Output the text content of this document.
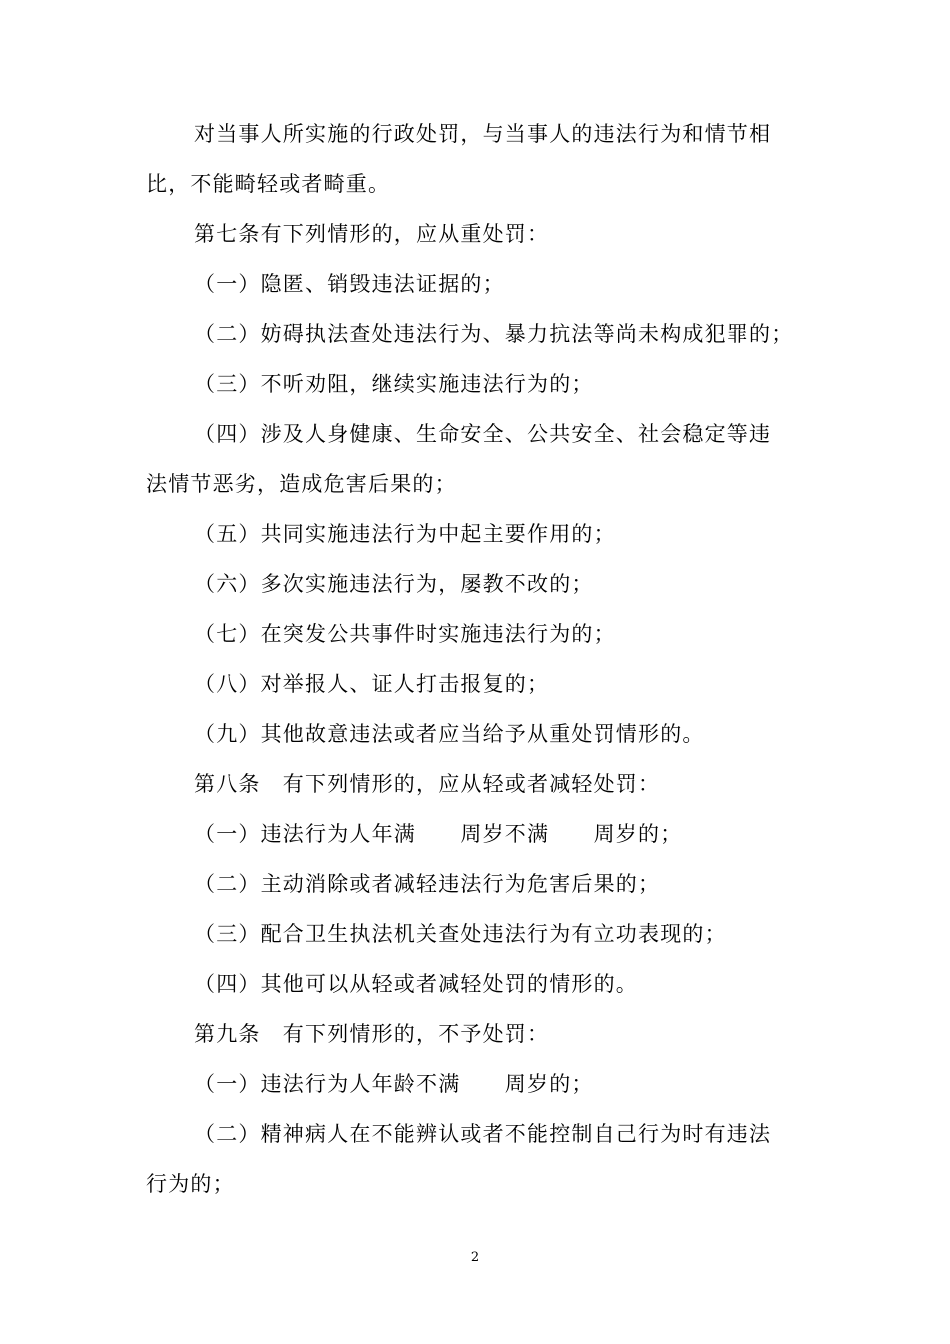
对当事人所实施的行政处罚，与当事人的违法行为和情节相
比，不能畸轻或者畸重。
第七条有下列情形的，应从重处罚：
（一）隐匿、销毁违法证据的；
（二）妨碍执法查处违法行为、暴力抗法等尚未构成犯罪的；
（三）不听劝阻，继续实施违法行为的；
（四）涉及人身健康、生命安全、公共安全、社会稳定等违
法情节恶劣，造成危害后果的；
（五）共同实施违法行为中起主要作用的；
（六）多次实施违法行为，屡教不改的；
（七）在突发公共事件时实施违法行为的；
（八）对举报人、证人打击报复的；
（九）其他故意违法或者应当给予从重处罚情形的。
第八条　有下列情形的，应从轻或者减轻处罚：
（一）违法行为人年满　　周岁不满　　周岁的；
（二）主动消除或者减轻违法行为危害后果的；
（三）配合卫生执法机关查处违法行为有立功表现的；
（四）其他可以从轻或者减轻处罚的情形的。
第九条　有下列情形的，不予处罚：
（一）违法行为人年龄不满　　周岁的；
（二）精神病人在不能辨认或者不能控制自己行为时有违法
行为的；
2
